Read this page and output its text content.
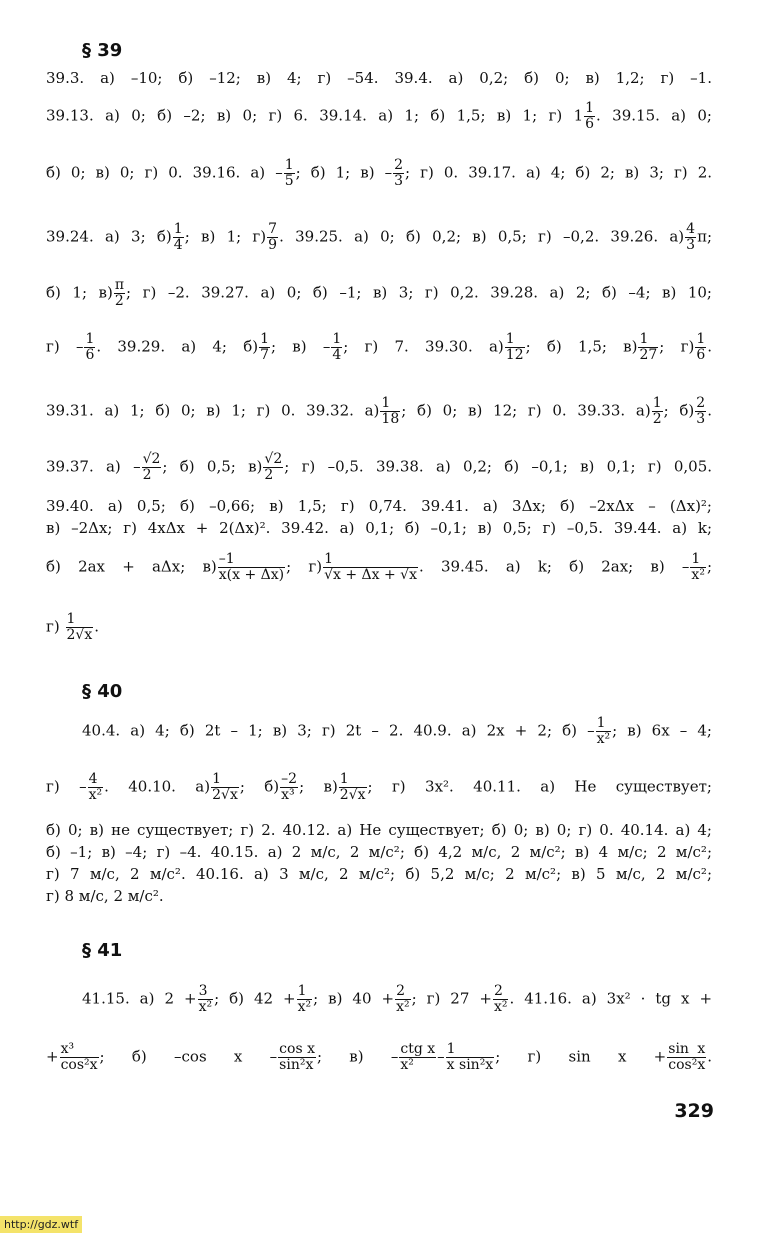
§ 39
39.3. а) –10; б) –12; в) 4; г) –54. 39.4. а) 0,2; б) 0; в) 1,2; г) –1.
39.13. а) 0; б) –2; в) 0; г) 6. 39.14. а) 1; б) 1,5; в) 1; г) $1 \frac{1}{6}$ . 39.15. а) 0;
б) 0; в) 0; г) 0. 39.16. $а) - \frac{1}{5}$ ; б) 1; $в) - \frac{2}{3}$ ; г) 0. 39.17. а) 4; б) 2; в) 3; г) 2.
39.24. а) 3; $б) \frac{1}{4}$ ; в) 1; $г) \frac{7}{9}$ . 39.25. а) 0; б) 0,2; в) 0,5; г) –0,2. 39.26. $а) \frac{4}{3} \pi$;
б) 1; $в) \frac{\pi}{2}$ ; г) –2. 39.27. а) 0; б) –1; в) 3; г) 0,2. 39.28. а) 2; б) –4; в) 10;
$г) - \frac{1}{6}$ . 39.29. а) 4; $б) \frac{1}{7}$ ; $в) - \frac{1}{4}$ ; г) 7. 39.30. $а) \frac{1}{12}$ ; б) 1,5; $в) \frac{1}{27}$ ; $г) \frac{1}{6}$ .
39.31. а) 1; б) 0; в) 1; г) 0. 39.32. $а) \frac{1}{18}$ ; б) 0; в) 12; г) 0. 39.33. $а) \frac{1}{2}$ ; $б) \frac{2}{3}$ .
39.37. $а) - \frac{√2}{2}$ ; б) 0,5; $в) \frac{√2}{2}$ ; г) –0,5. 39.38. а) 0,2; б) –0,1; в) 0,1; г) 0,05.
39.40. а) 0,5; б) –0,66; в) 1,5; г) 0,74. 39.41. а) 3Δx; б) –2xΔx – (Δx)²;
в) –2Δx; г) 4xΔx + 2(Δx)². 39.42. а) 0,1; б) –0,1; в) 0,5; г) –0,5. 39.44. а) k;
б) 2ax + aΔx; $в) \frac{-1}{x(x + \Delta x)}$ ; $г) \frac{1}{√x + \Delta x + √x}$ . 39.45. а) k; б) 2ax; $в) - \frac{1}{\text{x²}}$ ;
$г) \frac{1}{2√x}$ .
§ 40
40.4. а) 4; б) 2t – 1; в) 3; г) 2t – 2. 40.9. а) 2x + 2; $б) - \frac{1}{\text{x²}}$ ; в) 6x – 4;
$г) - \frac{4}{\text{x²}}$ . 40.10. $а) \frac{1}{2√x}$ ; $б) \frac{-2}{\text{x³}}$ ; $в) \frac{1}{2√x}$ ; г) 3x². 40.11. а) Не существует;
б) 0; в) не существует; г) 2. 40.12. а) Не существует; б) 0; в) 0; г) 0. 40.14. а) 4;
б) –1; в) –4; г) –4. 40.15. а) 2 м/с, 2 м/с²; б) 4,2 м/с, 2 м/с²; в) 4 м/с; 2 м/с²;
г) 7 м/с, 2 м/с². 40.16. а) 3 м/с, 2 м/с²; б) 5,2 м/с; 2 м/с²; в) 5 м/с, 2 м/с²;
г) 8 м/с, 2 м/с².
§ 41
41.15. а) $2 + \frac{3}{\text{x²}}$ ; б) $42 + \frac{1}{\text{x²}}$ ; в) $40 + \frac{2}{\text{x²}}$ ; г) $27 + \frac{2}{\text{x²}}$ . 41.16. а) 3x² · tg x +
+ $\frac{\text{x³}}{\text{cos²x}}$ ; б) –cos x – $\frac{\text{cos x}}{\text{sin²x}}$ ; $в) - \frac{\text{ctg x}}{\text{x²}} - \frac{1}{\text{x sin²x}}$ ; г) $\sin x + \frac{\text{sin x}}{\text{cos²x}}$ .
329
http://gdz.wtf
